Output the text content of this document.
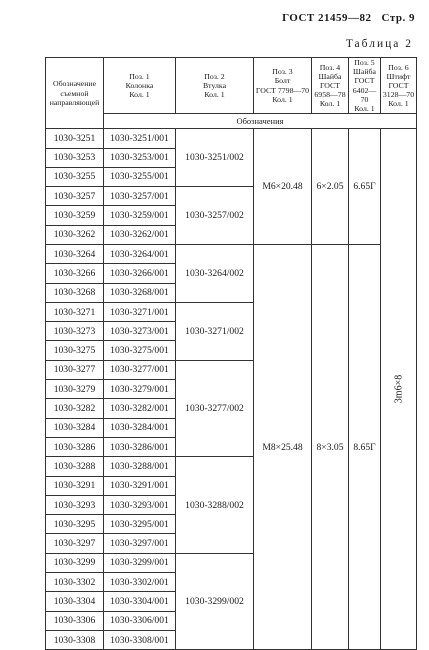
ГОСТ 21459—82 Стр. 9
Таблица 2
Обозначение
съемной
направляющей	Поз. 1
Колонка
Кол. 1	Поз. 2
Втулка
Кол. 1	Поз. 3
Болт
ГОСТ 7798—70
Кол. 1	Поз. 4
Шайба
ГОСТ
6958—78
Кол. 1	Поз. 5
Шайба
ГОСТ
6402—70
Кол. 1	Поз. 6
Штифт
ГОСТ
3128—70
Кол. 1

	Обозначения					
1030-3251	1030-3251/001	1030-3251/002	M6×20.48	6×2.05	6.65Г	3m6×8

1030-3253	1030-3253/001					
1030-3255	1030-3255/001					
1030-3257	1030-3257/001	1030-3257/002				
1030-3259	1030-3259/001					
1030-3262	1030-3262/001					
1030-3264	1030-3264/001	1030-3264/002	M8×25.48	8×3.05	8.65Г	
1030-3266	1030-3266/001					
1030-3268	1030-3268/001					
1030-3271	1030-3271/001	1030-3271/002				
1030-3273	1030-3273/001					
1030-3275	1030-3275/001					
1030-3277	1030-3277/001	1030-3277/002				
1030-3279	1030-3279/001					
1030-3282	1030-3282/001					
1030-3284	1030-3284/001					
1030-3286	1030-3286/001					
1030-3288	1030-3288/001	1030-3288/002				
1030-3291	1030-3291/001					
1030-3293	1030-3293/001					
1030-3295	1030-3295/001					
1030-3297	1030-3297/001					
1030-3299	1030-3299/001	1030-3299/002				
1030-3302	1030-3302/001					
1030-3304	1030-3304/001					
1030-3306	1030-3306/001					
1030-3308	1030-3308/001					
